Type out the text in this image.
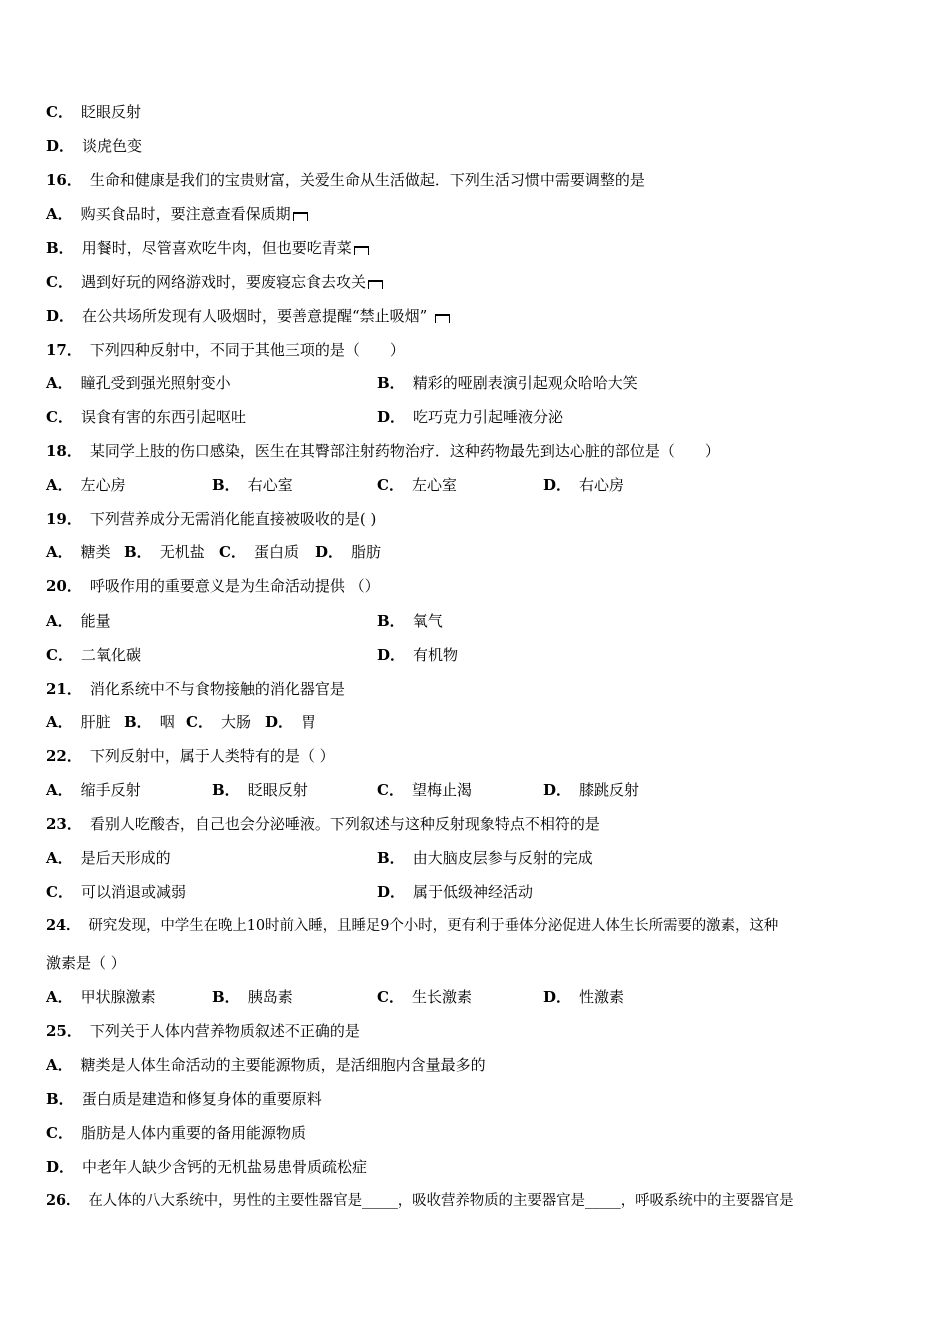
C． 眨眼反射
D． 谈虎色变
16． 生命和健康是我们的宝贵财富，关爱生命从生活做起．下列生活习惯中需要调整的是
A． 购买食品时，要注意查看保质期
B． 用餐时，尽管喜欢吃牛肉，但也要吃青菜
C． 遇到好玩的网络游戏时，要废寝忘食去攻关
D． 在公共场所发现有人吸烟时，要善意提醒“禁止吸烟”
17． 下列四种反射中，不同于其他三项的是（　　）
A． 瞳孔受到强光照射变小	B． 精彩的哑剧表演引起观众哈哈大笑
C． 误食有害的东西引起呕吐	D． 吃巧克力引起唾液分泌
18． 某同学上肢的伤口感染，医生在其臀部注射药物治疗．这种药物最先到达心脏的部位是（　　）
A． 左心房	B． 右心室	C． 左心室	D． 右心房
19． 下列营养成分无需消化能直接被吸收的是( )
A． 糖类 B． 无机盐 C． 蛋白质 D． 脂肪
20． 呼吸作用的重要意义是为生命活动提供 （）
A． 能量	B． 氧气
C． 二氧化碳	D． 有机物
21． 消化系统中不与食物接触的消化器官是
A． 肝脏 B． 咽 C． 大肠 D． 胃
22． 下列反射中，属于人类特有的是（ ）
A． 缩手反射	B． 眨眼反射	C． 望梅止渴	D． 膝跳反射
23． 看别人吃酸杏，自己也会分泌唾液。下列叙述与这种反射现象特点不相符的是
A． 是后天形成的	B． 由大脑皮层参与反射的完成
C． 可以消退或减弱	D． 属于低级神经活动
24． 研究发现，中学生在晚上10时前入睡，且睡足9个小时，更有利于垂体分泌促进人体生长所需要的激素，这种
激素是（ ）
A． 甲状腺激素	B． 胰岛素	C． 生长激素	D． 性激素
25． 下列关于人体内营养物质叙述不正确的是
A． 糖类是人体生命活动的主要能源物质，是活细胞内含量最多的
B． 蛋白质是建造和修复身体的重要原料
C． 脂肪是人体内重要的备用能源物质
D． 中老年人缺少含钙的无机盐易患骨质疏松症
26． 在人体的八大系统中，男性的主要性器官是_____，吸收营养物质的主要器官是_____，呼吸系统中的主要器官是
